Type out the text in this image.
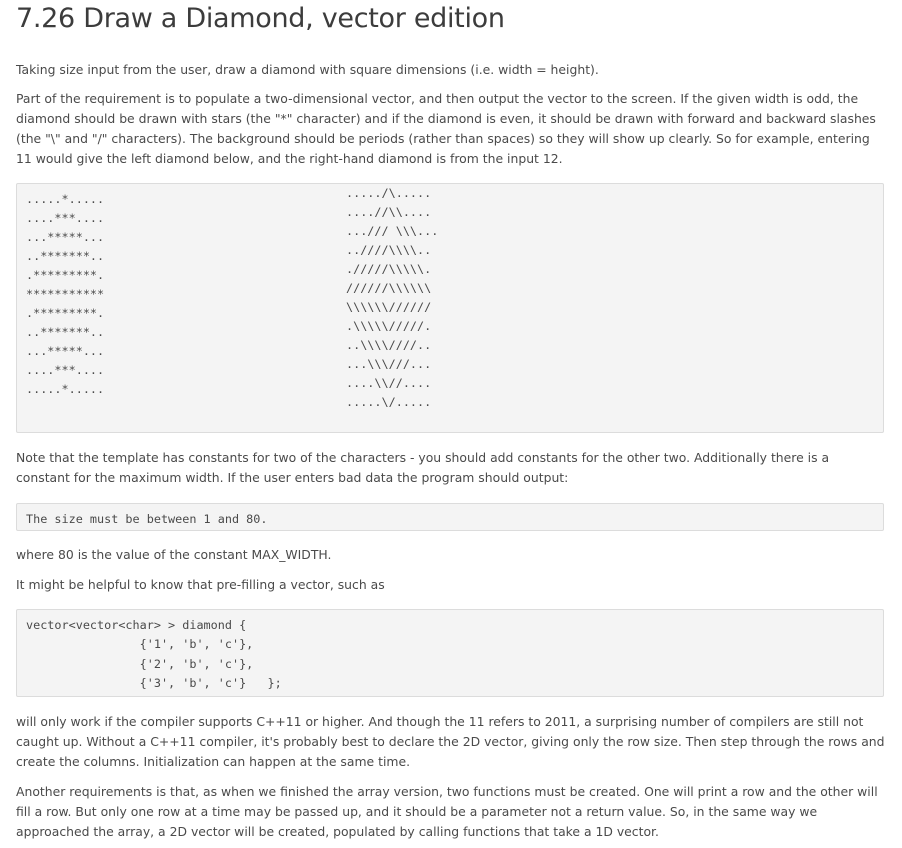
7.26 Draw a Diamond, vector edition

Taking size input from the user, draw a diamond with square dimensions (i.e. width = height).

Part of the requirement is to populate a two-dimensional vector, and then output the vector to the screen. If the given width is odd, the diamond should be drawn with stars (the "*" character) and if the diamond is even, it should be drawn with forward and backward slashes (the "\" and "/" characters). The background should be periods (rather than spaces) so they will show up clearly. So for example, entering 11 would give the left diamond below, and the right-hand diamond is from the input 12.

.....*.....
....***....
...*****...
..*******..
.*********.
***********
.*********.
..*******..
...*****...
....***....
.....*.....
...../\.....
....//\\....
.../// \\\...
..////\\\\..
./////\\\\\.
//////\\\\\\
\\\\\\//////
.\\\\\/////.
..\\\\////..
...\\\///...
....\\//....
.....\/.....

Note that the template has constants for two of the characters - you should add constants for the other two. Additionally there is a constant for the maximum width. If the user enters bad data the program should output:

The size must be between 1 and 80.

where 80 is the value of the constant MAX_WIDTH.

It might be helpful to know that pre-filling a vector, such as

vector<vector<char> > diamond {
{'1', 'b', 'c'},
{'2', 'b', 'c'},
{'3', 'b', 'c'}   };

will only work if the compiler supports C++11 or higher. And though the 11 refers to 2011, a surprising number of compilers are still not caught up. Without a C++11 compiler, it's probably best to declare the 2D vector, giving only the row size. Then step through the rows and create the columns. Initialization can happen at the same time.

Another requirements is that, as when we finished the array version, two functions must be created. One will print a row and the other will fill a row. But only one row at a time may be passed up, and it should be a parameter not a return value. So, in the same way we approached the array, a 2D vector will be created, populated by calling functions that take a 1D vector.
